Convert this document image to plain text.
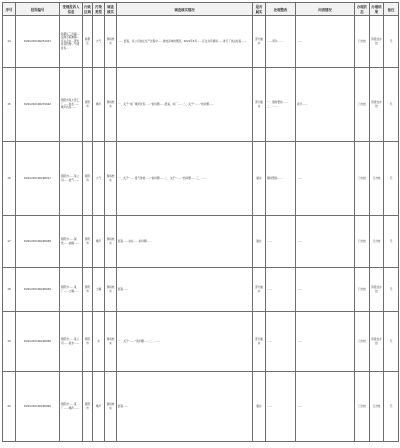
序号	投诉编号	受理投诉人信息	行政区域	污染类型	调查核实	调查核实情况	是否属实	处理整改	问责情况	办理状态	办理结果	备注
14	D2SC202106251023	新都区三河镇…反映石板滩镇…有关企业…挥发性有机物…气味扰民…	新都区	大气	现场核实	…… 经查，该公司存在生产过程中……排放异味的情况。2021年6月……区生态环境局……进行了执法检查……	部分属实	……责令……	……	已办结	阶段性办结	无
15	D2SC202106270042	简阳市某大型工厂……存在……噪声扰民……	简阳市	噪声	现场核实	一、关于“该厂噪声扰民……”的问题……经查，该厂……二、关于“……”的问题……	部分属实	一、限时整改……二、……	责令……	已办结	阶段性办结	无
16	D2SC202106290017	简阳市……某公司……废气……	简阳市	大气	现场核实	一、关于“……废气排放……”的问题……二、关于“……”的问题……三、……	属实	限时整改……	……	已办结	已办结	无
17	D2SC202106290048	简阳市……餐饮……油烟……	简阳市	噪声	现场核实	经查……存在……的问题……	属实	……	……	已办结	已办结	无
18	D2SC202106290049	简阳市……某厂……土壤……	简阳市	土壤	现场核实	经查……	部分属实	……	……	已办结	阶段性办结	无
19	D2SC202106290056	简阳市……某公司……废水……	简阳市	水	现场核实	一、关于“……”的问题……二、……	部分属实	……	……	已办结	阶段性办结	无
20	D2SC202106290060	简阳市……某厂……噪声……	简阳市	噪声	现场核实	经查……	属实	……	……	已办结	已办结	无
